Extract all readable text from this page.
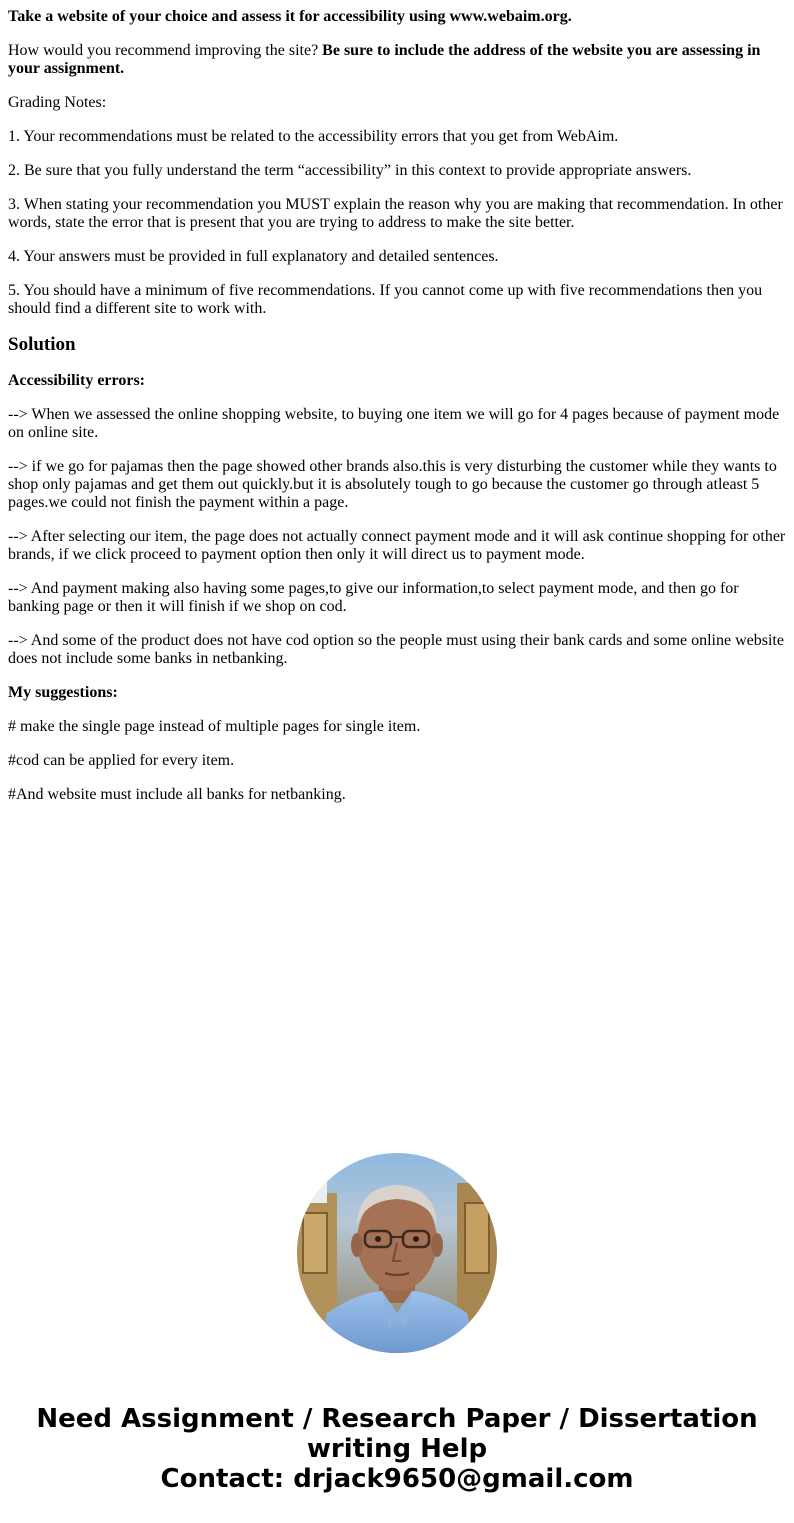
Take a website of your choice and assess it for accessibility using www.webaim.org.

How would you recommend improving the site? Be sure to include the address of the website you are assessing in your assignment.

Grading Notes:

1. Your recommendations must be related to the accessibility errors that you get from WebAim.

2. Be sure that you fully understand the term “accessibility” in this context to provide appropriate answers.

3. When stating your recommendation you MUST explain the reason why you are making that recommendation. In other words, state the error that is present that you are trying to address to make the site better.

4. Your answers must be provided in full explanatory and detailed sentences.

5. You should have a minimum of five recommendations. If you cannot come up with five recommendations then you should find a different site to work with.

Solution

Accessibility errors:

--> When we assessed the online shopping website, to buying one item we will go for 4 pages because of payment mode on online site.

--> if we go for pajamas then the page showed other brands also.this is very disturbing the customer while they wants to shop only pajamas and get them out quickly.but it is absolutely tough to go because the customer go through atleast 5 pages.we could not finish the payment within a page.

--> After selecting our item, the page does not actually connect payment mode and it will ask continue shopping for other brands, if we click proceed to payment option then only it will direct us to payment mode.

--> And payment making also having some pages,to give our information,to select payment mode, and then go for banking page or then it will finish if we shop on cod.

--> And some of the product does not have cod option so the people must using their bank cards and some online website does not include some banks in netbanking.

My suggestions:

# make the single page instead of multiple pages for single item.

#cod can be applied for every item.

#And website must include all banks for netbanking.

Need Assignment / Research Paper / Dissertation
writing Help
Contact: drjack9650@gmail.com
